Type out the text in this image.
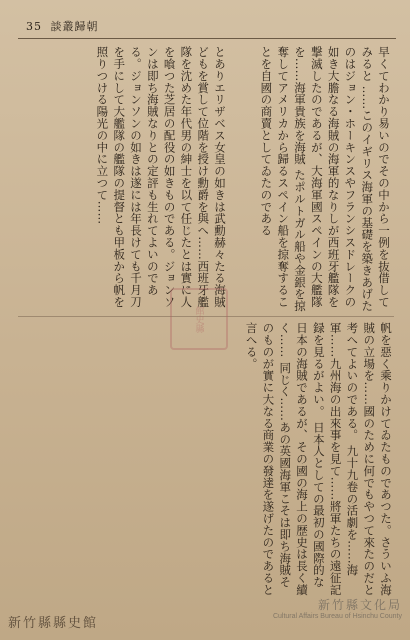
35 談叢歸朝
早くてわかり易いのでその中から一例を抜借してみると ……このイギリス海軍の基礎を築きあげたのはジョン・ホーキンスやフランシスドレークの如き大膽なる海賊の海軍的なりしが西班牙艦隊を撃滅したのであるが、大海軍國スペインの大艦隊を……海軍貴族を海賊 たポルトガル船や金銀を掠奪してアメリカから歸るスペイン船を掠奪することを自國の商賣としてゐたのである
とありエリザベス女皇の如きは武勳赫々たる海賊どもを賞して位階を授け勳爵を與へ……西班牙艦隊を沈めた年代男の紳士を以て任じたとは實に人を喰つた芝居の配役の如きものである。ジョンソンは即ち海賊なりとの定評も生れてよいのである。ジョンソンの如きは遂には年長けても千月刀を手にして大艦隊の艦隊の提督とも甲板から帆を照りつける陽光の中に立つて……
帆を惡く乘りかけてゐたものであつた。さういふ海賊の立場を……國のために何でもやつて來たのだと考へてよいのである。 九十九卷の活劇を……海軍……九州海の出來事を見て……將軍たちの遠征記録を見るがよい。 日本人としての最初の國際的な日本の海賊であるが、その國の海上の歴史は長く續く…… 同じく……あの英國海軍こそは即ち海賊そのものが實に大なる商業の發達を遂げたのであると言へる。
館史縣
新竹縣縣史館
新竹縣文化局
Cultural Affairs Bureau of Hsinchu County
